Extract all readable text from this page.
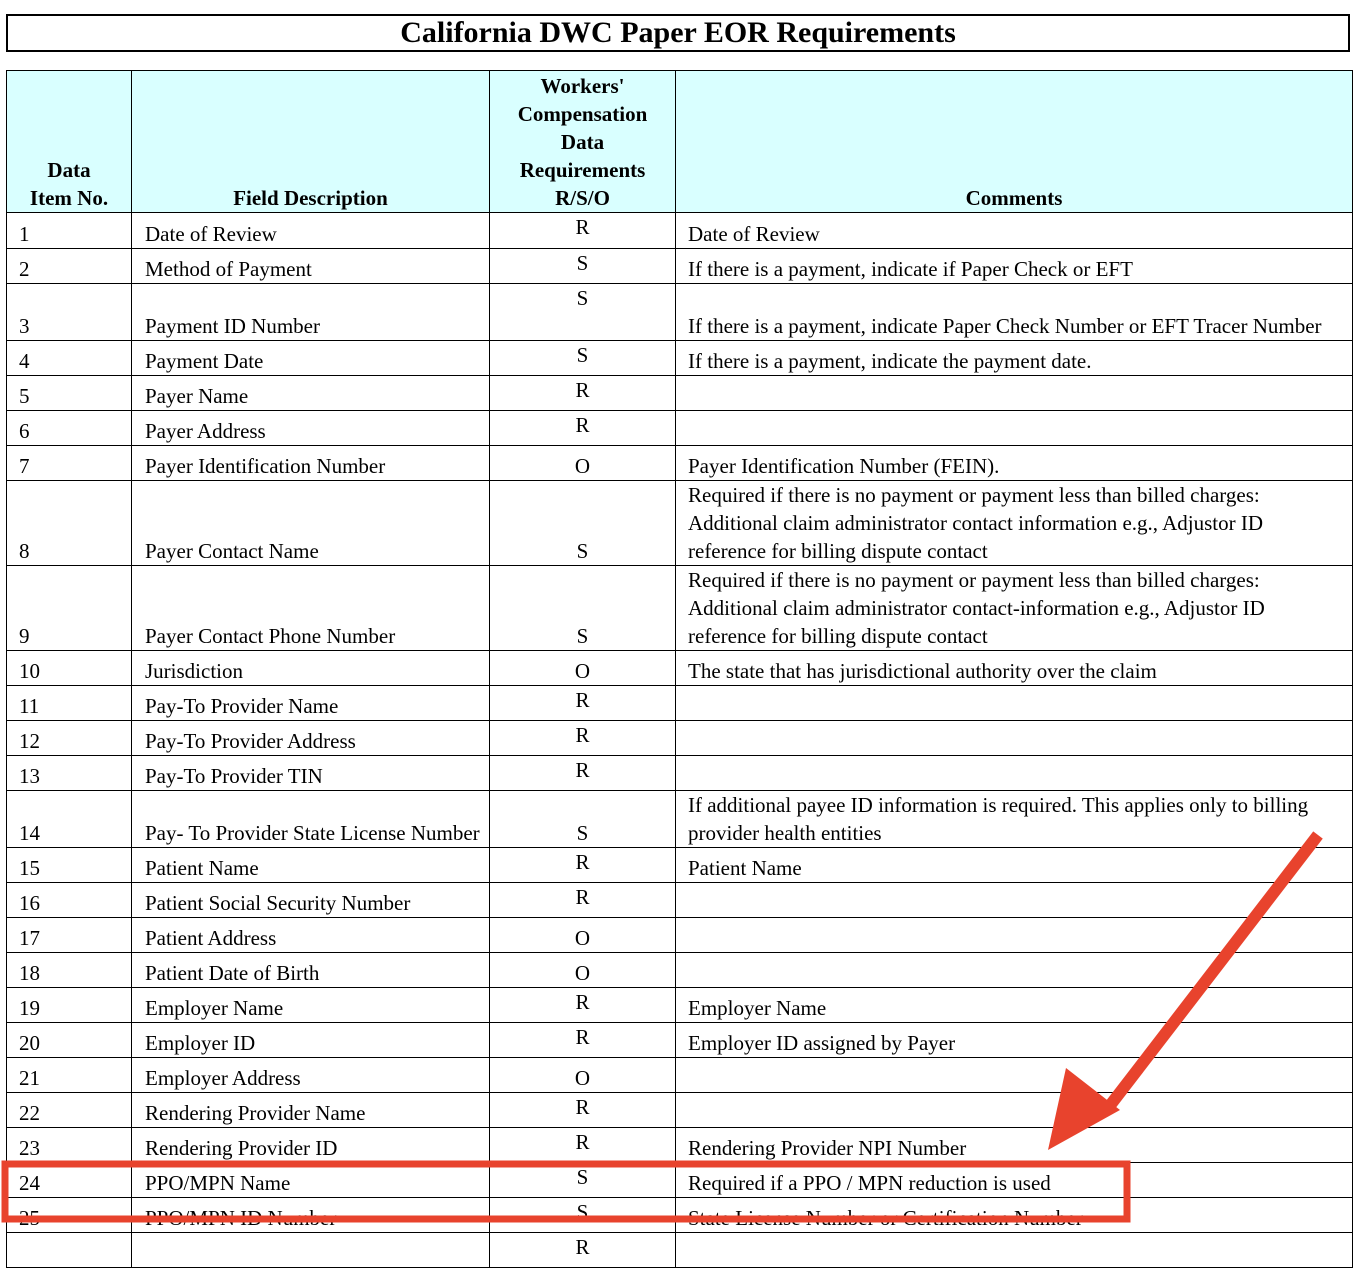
California DWC Paper EOR Requirements
Data
Item No.	Field Description	Workers'
Compensation
Data
Requirements
R/S/O	Comments
1	Date of Review	R	Date of Review
2	Method of Payment	S	If there is a payment, indicate if Paper Check or EFT
3	Payment ID Number	S	If there is a payment, indicate Paper Check Number or EFT Tracer Number
4	Payment Date	S	If there is a payment, indicate the payment date.
5	Payer Name	R	
6	Payer Address	R	
7	Payer Identification Number	O	Payer Identification Number (FEIN).
8	Payer Contact Name	S	Required if there is no payment or payment less than billed charges: Additional claim administrator contact information e.g., Adjustor ID reference for billing dispute contact
9	Payer Contact Phone Number	S	Required if there is no payment or payment less than billed charges: Additional claim administrator contact-information e.g., Adjustor ID reference for billing dispute contact
10	Jurisdiction	O	The state that has jurisdictional authority over the claim
11	Pay-To Provider Name	R	
12	Pay-To Provider Address	R	
13	Pay-To Provider TIN	R	
14	Pay- To Provider State License Number	S	If additional payee ID information is required. This applies only to billing provider health entities
15	Patient Name	R	Patient Name
16	Patient Social Security Number	R	
17	Patient Address	O	
18	Patient Date of Birth	O	
19	Employer Name	R	Employer Name
20	Employer ID	R	Employer ID assigned by Payer
21	Employer Address	O	
22	Rendering Provider Name	R	
23	Rendering Provider ID	R	Rendering Provider NPI Number
24	PPO/MPN Name	S	Required if a PPO / MPN reduction is used
25	PPO/MPN ID Number	S	State License Number or Certification Number
		R	
